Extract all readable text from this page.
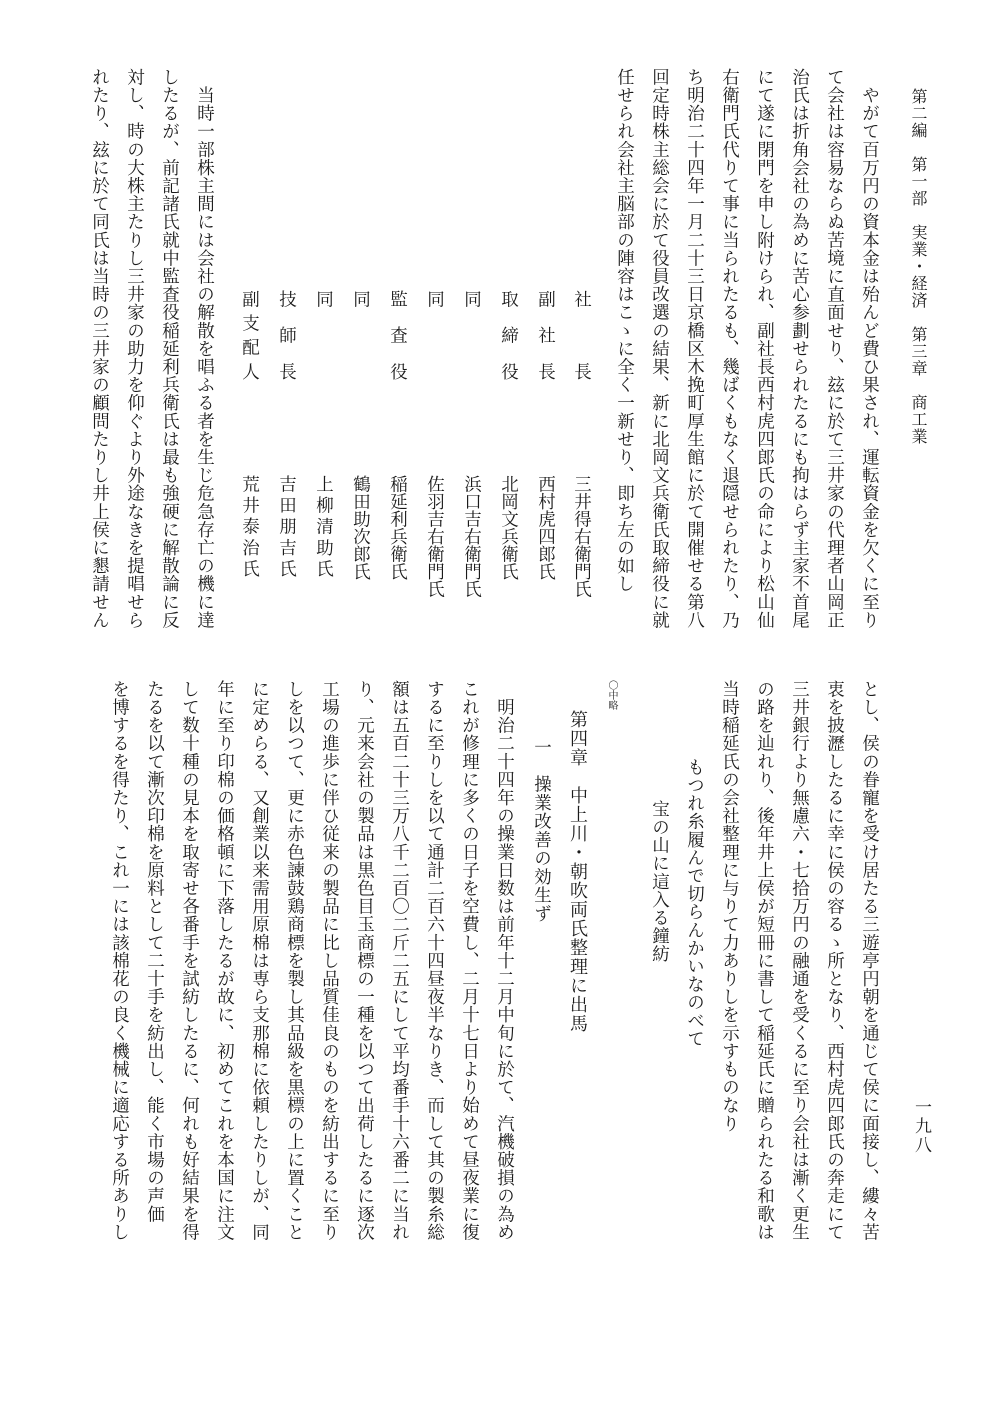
第二編　第一部　実業・経済　第三章　商工業
一九八
　やがて百万円の資本金は殆んど費ひ果され、運転資金を欠くに至り
て会社は容易ならぬ苦境に直面せり、玆に於て三井家の代理者山岡正
治氏は折角会社の為めに苦心参劃せられたるにも拘はらず主家不首尾
にて遂に閉門を申し附けられ、副社長西村虎四郎氏の命により松山仙
右衛門氏代りて事に当られたるも、幾ばくもなく退隠せられたり、乃
ち明治二十四年一月二十三日京橋区木挽町厚生館に於て開催せる第八
回定時株主総会に於て役員改選の結果、新に北岡文兵衛氏取締役に就
任せられ会社主脳部の陣容はこゝに全く一新せり、即ち左の如し
社長
三井得右衛門氏
副社長
西村虎四郎氏
取締役
北岡文兵衛氏
同
浜口吉右衛門氏
同
佐羽吉右衛門氏
監査役
稲延利兵衛氏
同
鶴田助次郎氏
同
上柳清助氏
技師長
吉田朋吉氏
副支配人
荒井泰治氏
　当時一部株主間には会社の解散を唱ふる者を生じ危急存亡の機に達
したるが、前記諸氏就中監査役稲延利兵衛氏は最も強硬に解散論に反
対し、時の大株主たりし三井家の助力を仰ぐより外途なきを提唱せら
れたり、玆に於て同氏は当時の三井家の顧問たりし井上侯に懇請せん
とし、侯の眷寵を受け居たる三遊亭円朝を通じて侯に面接し、縷々苦
衷を披瀝したるに幸に侯の容るゝ所となり、西村虎四郎氏の奔走にて
三井銀行より無慮六・七拾万円の融通を受くるに至り会社は漸く更生
の路を辿れり、後年井上侯が短冊に書して稲延氏に贈られたる和歌は
当時稲延氏の会社整理に与りて力ありしを示すものなり
もつれ糸履んで切らんかいなのべて
宝の山に這入る鐘紡
〇中略
第四章　中上川・朝吹両氏整理に出馬
一　操業改善の効生ず
　明治二十四年の操業日数は前年十二月中旬に於て、汽機破損の為め
これが修理に多くの日子を空費し、二月十七日より始めて昼夜業に復
するに至りしを以て通計二百六十四昼夜半なりき、而して其の製糸総
額は五百二十三万八千二百〇二斤二五にして平均番手十六番二に当れ
り、元来会社の製品は黒色目玉商標の一種を以つて出荷したるに逐次
工場の進歩に伴ひ従来の製品に比し品質佳良のものを紡出するに至り
しを以つて、更に赤色諫鼓鶏商標を製し其品級を黒標の上に置くこと
に定めらる、又創業以来需用原棉は専ら支那棉に依頼したりしが、同
年に至り印棉の価格頓に下落したるが故に、初めてこれを本国に注文
して数十種の見本を取寄せ各番手を試紡したるに、何れも好結果を得
たるを以て漸次印棉を原料として二十手を紡出し、能く市場の声価
を博するを得たり、これ一には該棉花の良く機械に適応する所ありし
